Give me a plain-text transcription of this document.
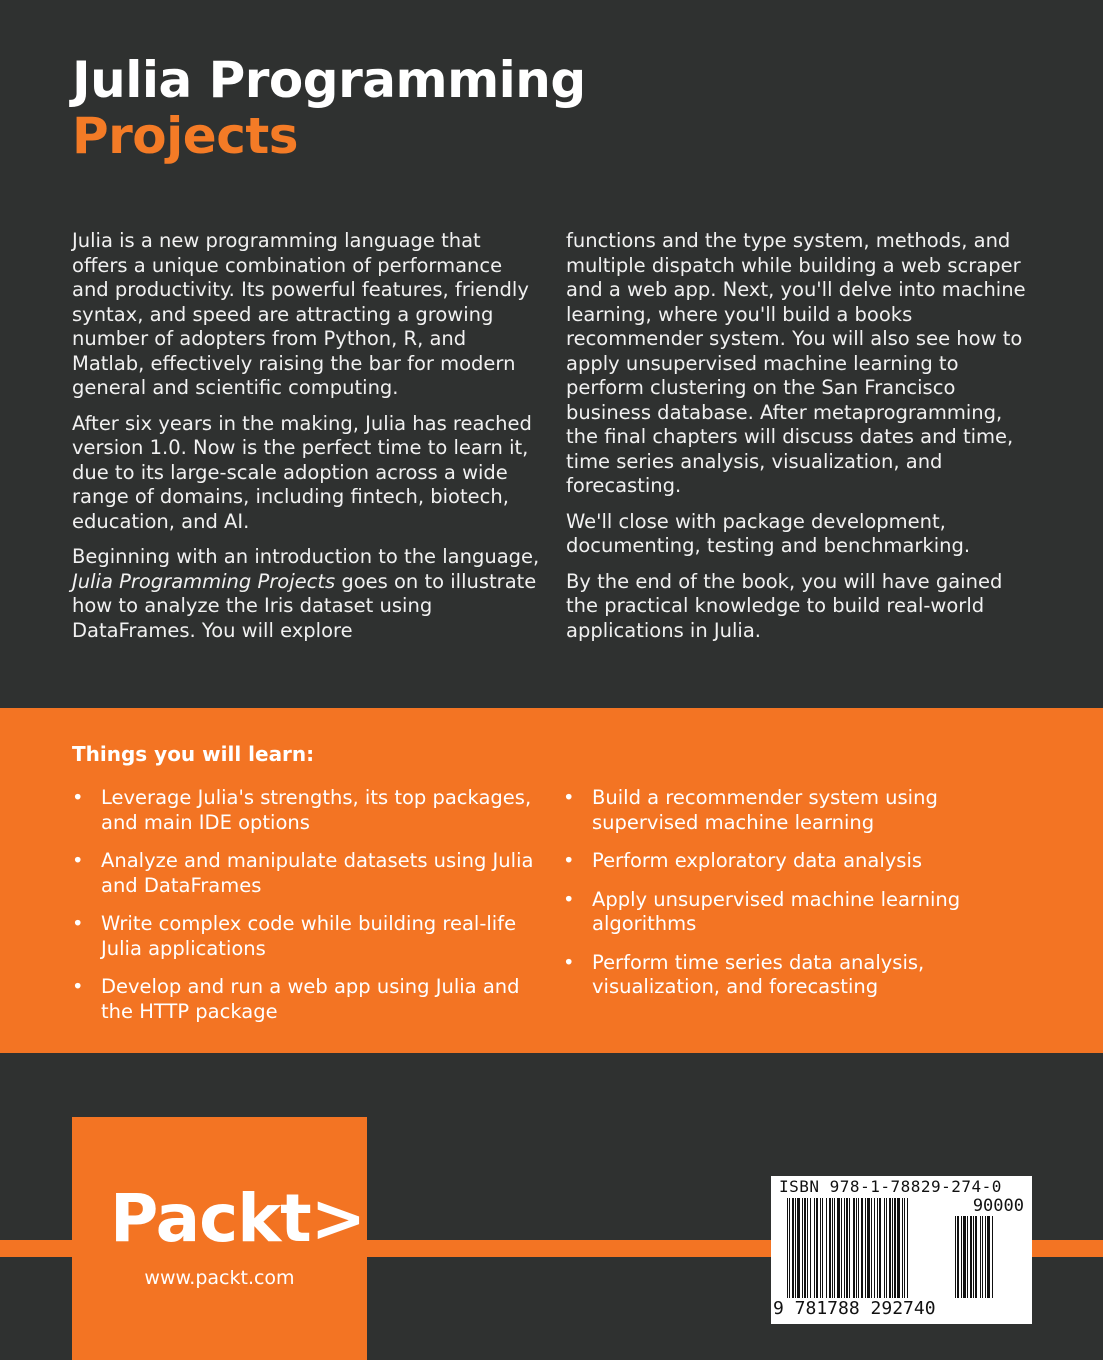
Julia Programming
Projects

Julia is a new programming language that offers a unique combination of performance and productivity. Its powerful features, friendly syntax, and speed are attracting a growing number of adopters from Python, R, and Matlab, effectively raising the bar for modern general and scientific computing.

After six years in the making, Julia has reached version 1.0. Now is the perfect time to learn it, due to its large-scale adoption across a wide range of domains, including fintech, biotech, education, and AI.

Beginning with an introduction to the language, Julia Programming Projects goes on to illustrate how to analyze the Iris dataset using DataFrames. You will explore

functions and the type system, methods, and multiple dispatch while building a web scraper and a web app. Next, you'll delve into machine learning, where you'll build a books recommender system. You will also see how to apply unsupervised machine learning to perform clustering on the San Francisco business database. After metaprogramming, the final chapters will discuss dates and time, time series analysis, visualization, and forecasting.

We'll close with package development, documenting, testing and benchmarking.

By the end of the book, you will have gained the practical knowledge to build real-world applications in Julia.

Things you will learn:
• Leverage Julia's strengths, its top packages, and main IDE options
• Analyze and manipulate datasets using Julia and DataFrames
• Write complex code while building real-life Julia applications
• Develop and run a web app using Julia and the HTTP package
• Build a recommender system using supervised machine learning
• Perform exploratory data analysis
• Apply unsupervised machine learning algorithms
• Perform time series data analysis, visualization, and forecasting
Packt>
www.packt.com
ISBN 978-1-78829-274-0
90000
9 781788 292740
